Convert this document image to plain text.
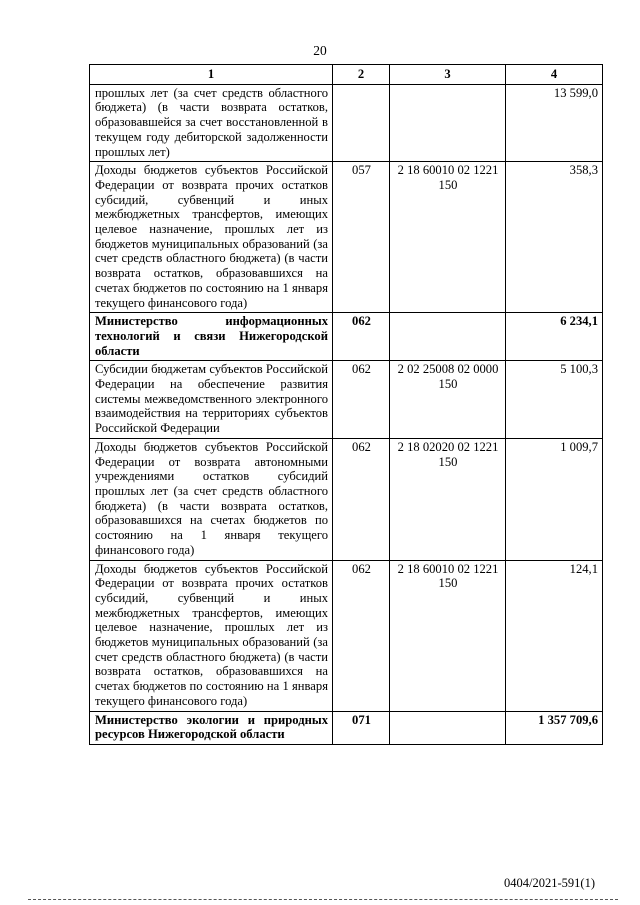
20
1	2	3	4
прошлых лет (за счет средств областного бюджета) (в части возврата остатков, образовавшейся за счет восстановленной в текущем году дебиторской задолженности прошлых лет)			13 599,0
Доходы бюджетов субъектов Российской Федерации от возврата прочих остатков субсидий, субвенций и иных межбюджетных трансфертов, имеющих целевое назначение, прошлых лет из бюджетов муниципальных образований (за счет средств областного бюджета) (в части возврата остатков, образовавшихся на счетах бюджетов по состоянию на 1 января текущего финансового года)	057	2 18 60010 02 1221 150	358,3
Министерство информационных технологий и связи Нижегородской области	062		6 234,1
Субсидии бюджетам субъектов Российской Федерации на обеспечение развития системы межведомственного электронного взаимодействия на территориях субъектов Российской Федерации	062	2 02 25008 02 0000 150	5 100,3
Доходы бюджетов субъектов Российской Федерации от возврата автономными учреждениями остатков субсидий прошлых лет (за счет средств областного бюджета) (в части возврата остатков, образовавшихся на счетах бюджетов по состоянию на 1 января текущего финансового года)	062	2 18 02020 02 1221 150	1 009,7
Доходы бюджетов субъектов Российской Федерации от возврата прочих остатков субсидий, субвенций и иных межбюджетных трансфертов, имеющих целевое назначение, прошлых лет из бюджетов муниципальных образований (за счет средств областного бюджета) (в части возврата остатков, образовавшихся на счетах бюджетов по состоянию на 1 января текущего финансового года)	062	2 18 60010 02 1221 150	124,1
Министерство экологии и природных ресурсов Нижегородской области	071		1 357 709,6
0404/2021-591(1)
